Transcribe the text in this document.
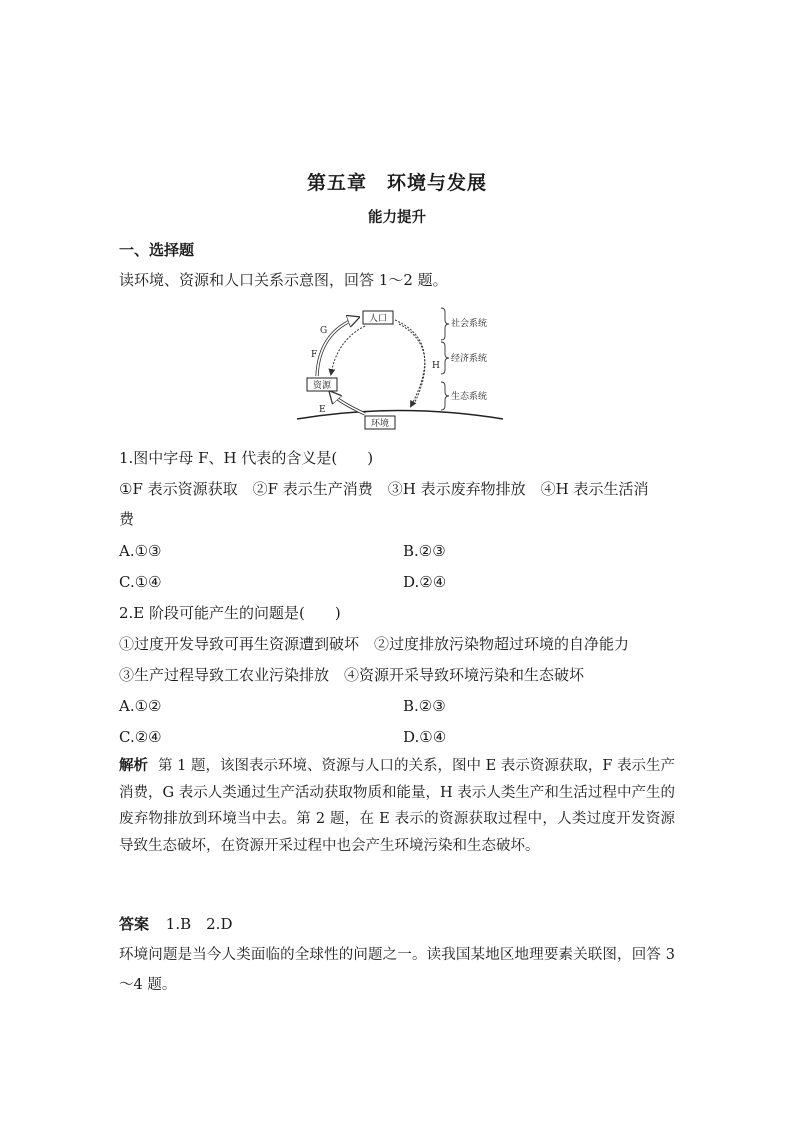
第五章　环境与发展
能力提升
一、选择题
读环境、资源和人口关系示意图，回答 1～2 题。
人口
资源
环境
G
F
E
H
社会系统
经济系统
生态系统
1.图中字母 F、H 代表的含义是(　　)
①F 表示资源获取　②F 表示生产消费　③H 表示废弃物排放　④H 表示生活消
费
A.①③	B.②③
C.①④	D.②④
2.E 阶段可能产生的问题是(　　)
①过度开发导致可再生资源遭到破坏　②过度排放污染物超过环境的自净能力
③生产过程导致工农业污染排放　④资源开采导致环境污染和生态破坏
A.①②	B.②③
C.②④	D.①④
解析 第 1 题，该图表示环境、资源与人口的关系，图中 E 表示资源获取，F 表示生产消费，G 表示人类通过生产活动获取物质和能量，H 表示人类生产和生活过程中产生的废弃物排放到环境当中去。第 2 题，在 E 表示的资源获取过程中，人类过度开发资源导致生态破坏，在资源开采过程中也会产生环境污染和生态破坏。
答案 1.B　2.D
环境问题是当今人类面临的全球性的问题之一。读我国某地区地理要素关联图，回答 3～4 题。
